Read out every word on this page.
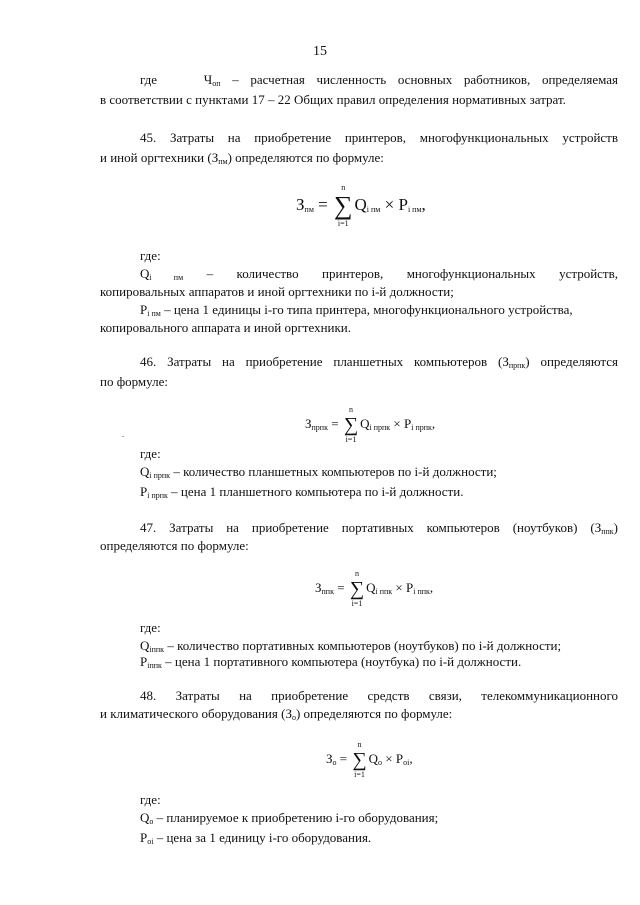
15

где	$Ч_{оп}$ – расчетная численность основных работников, определяемая

в соответствии с пунктами 17 – 22 Общих правил определения нормативных затрат.

45. Затраты на приобретение принтеров, многофункциональных устройств

и иной оргтехники $(З_{пм})$ определяются по формуле:

$З_{пм}$ = ∑
n
i=1
$Q_{i пм} \times P_{i пм}$,

где:

$Q_{i пм}$ – количество принтеров, многофункциональных устройств,

копировальных аппаратов и иной оргтехники по i-й должности;

$P_{i пм}$ – цена 1 единицы i-го типа принтера, многофункционального устройства,

копировального аппарата и иной оргтехники.

46. Затраты на приобретение планшетных компьютеров $(З_{прпк})$ определяются

по формуле:

$З_{прпк}$ = ∑
n
i=1
$Q_{i прпк} \times P_{i прпк}$,
.

где:

$Q_{i прпк}$ – количество планшетных компьютеров по i-й должности;

$P_{i прпк}$ – цена 1 планшетного компьютера по i-й должности.

47. Затраты на приобретение портативных компьютеров (ноутбуков) $(З_{ппк})$

определяются по формуле:

$З_{ппк}$ = ∑
n
i=1
$Q_{i ппк} \times P_{i ппк}$,

где:

$Q_{iппк}$ – количество портативных компьютеров (ноутбуков) по i-й должности;

$P_{iппк}$ – цена 1 портативного компьютера (ноутбука) по i-й должности.

48. Затраты на приобретение средств связи, телекоммуникационного

и климатического оборудования $(З_о)$ определяются по формуле:

$З_о$ = ∑
n
i=1
$Q_о \times P_{оi}$,

где:

$Q_о$ – планируемое к приобретению i-го оборудования;

$P_{оi}$ – цена за 1 единицу i-го оборудования.
